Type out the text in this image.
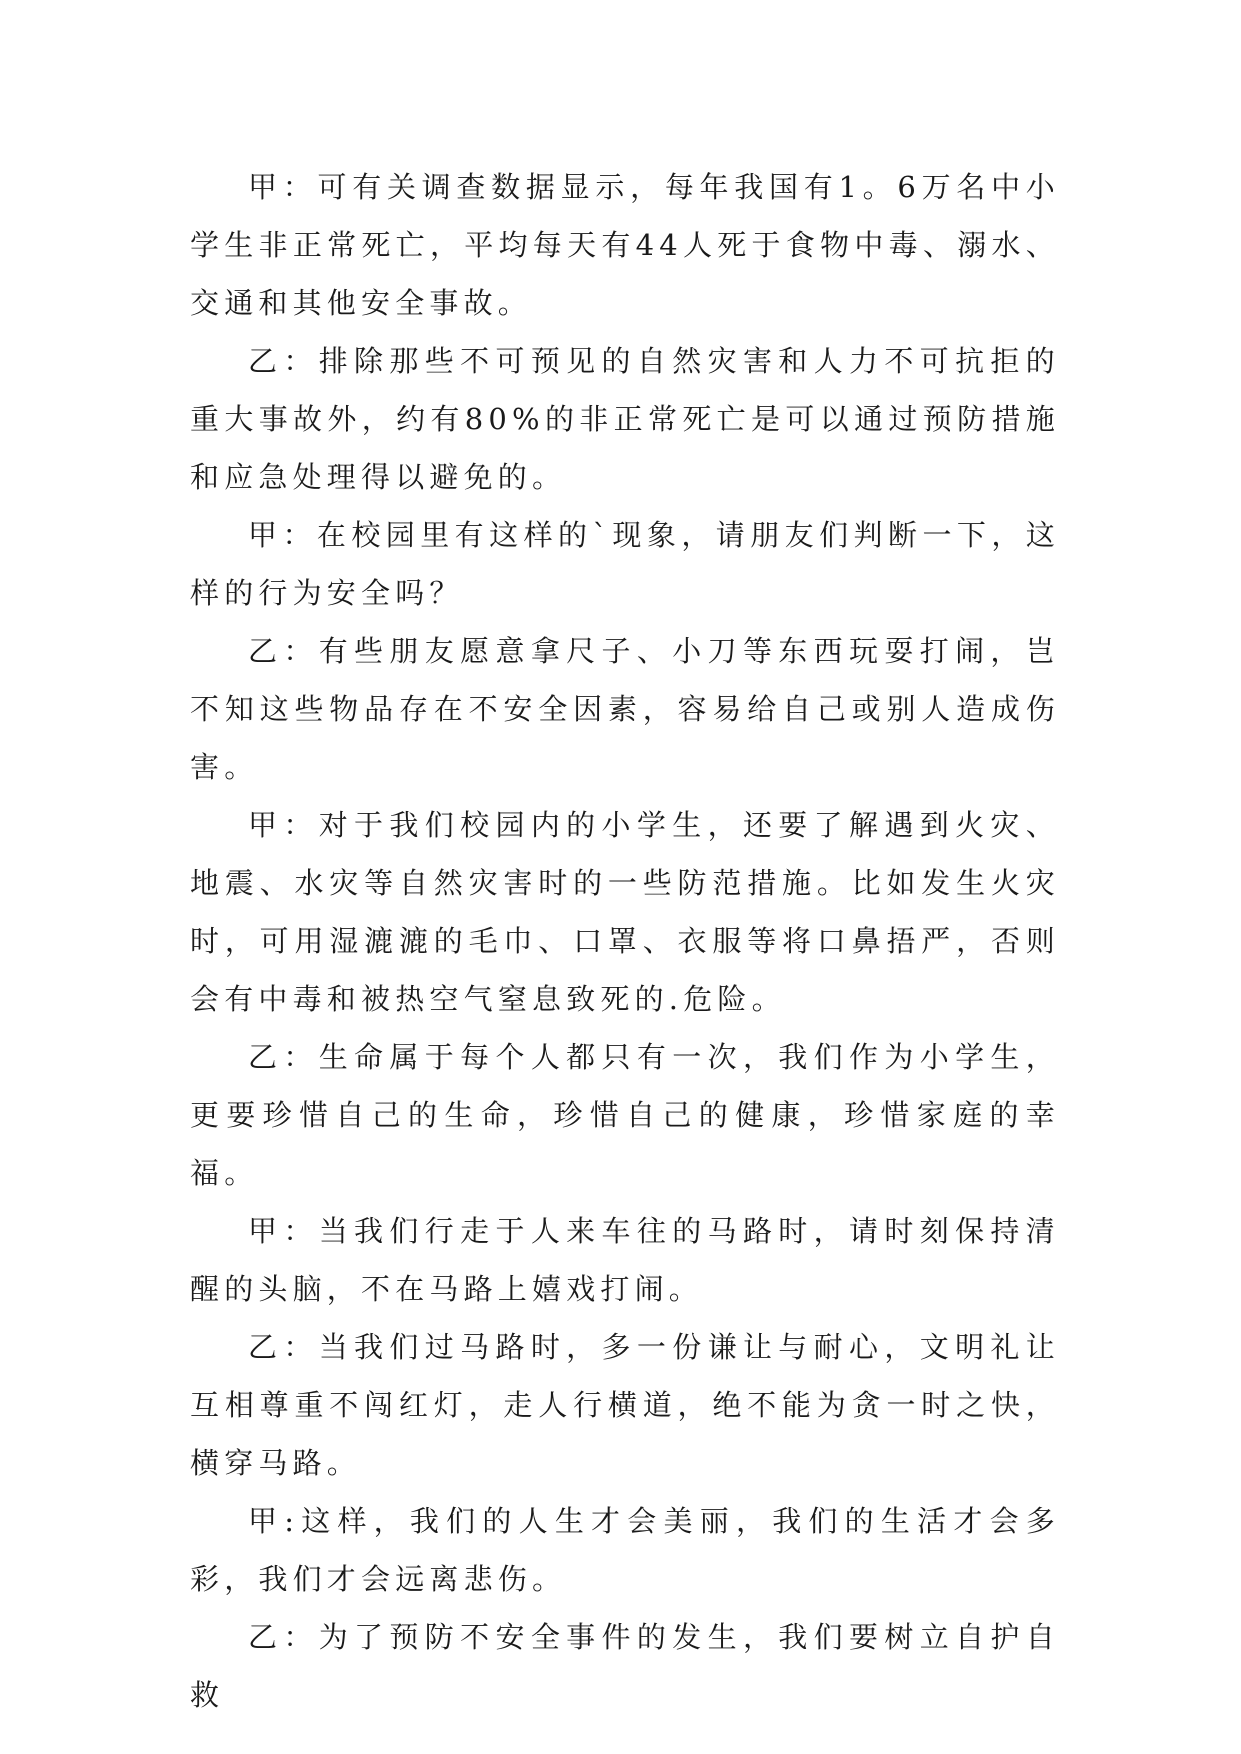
甲：可有关调查数据显示，每年我国有1。6万名中小学生非正常死亡，平均每天有44人死于食物中毒、溺水、交通和其他安全事故。

乙：排除那些不可预见的自然灾害和人力不可抗拒的重大事故外，约有80%的非正常死亡是可以通过预防措施和应急处理得以避免的。

甲：在校园里有这样的`现象，请朋友们判断一下，这样的行为安全吗？

乙：有些朋友愿意拿尺子、小刀等东西玩耍打闹，岂不知这些物品存在不安全因素，容易给自己或别人造成伤害。

甲：对于我们校园内的小学生，还要了解遇到火灾、地震、水灾等自然灾害时的一些防范措施。比如发生火灾时，可用湿漉漉的毛巾、口罩、衣服等将口鼻捂严，否则会有中毒和被热空气窒息致死的.危险。

乙：生命属于每个人都只有一次，我们作为小学生，更要珍惜自己的生命，珍惜自己的健康，珍惜家庭的幸福。

甲：当我们行走于人来车往的马路时，请时刻保持清醒的头脑，不在马路上嬉戏打闹。

乙：当我们过马路时，多一份谦让与耐心，文明礼让互相尊重不闯红灯，走人行横道，绝不能为贪一时之快，横穿马路。

甲:这样，我们的人生才会美丽，我们的生活才会多彩，我们才会远离悲伤。

乙：为了预防不安全事件的发生，我们要树立自护自救
